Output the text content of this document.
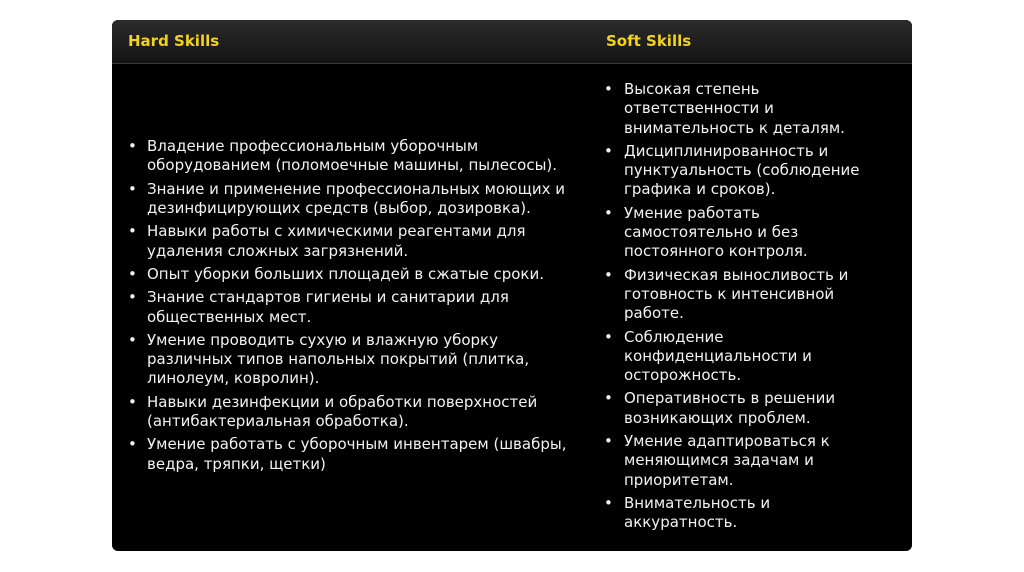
Hard Skills	Soft Skills
• Владение профессиональным уборочным оборудованием (поломоечные машины, пылесосы).
• Знание и применение профессиональных моющих и дезинфицирующих средств (выбор, дозировка).
• Навыки работы с химическими реагентами для удаления сложных загрязнений.
• Опыт уборки больших площадей в сжатые сроки.
• Знание стандартов гигиены и санитарии для общественных мест.
• Умение проводить сухую и влажную уборку различных типов напольных покрытий (плитка, линолеум, ковролин).
• Навыки дезинфекции и обработки поверхностей (антибактериальная обработка).
• Умение работать с уборочным инвентарем (швабры, ведра, тряпки, щетки)
• Высокая степень ответственности и внимательность к деталям.
• Дисциплинированность и пунктуальность (соблюдение графика и сроков).
• Умение работать самостоятельно и без постоянного контроля.
• Физическая выносливость и готовность к интенсивной работе.
• Соблюдение конфиденциальности и осторожность.
• Оперативность в решении возникающих проблем.
• Умение адаптироваться к меняющимся задачам и приоритетам.
• Внимательность и аккуратность.
